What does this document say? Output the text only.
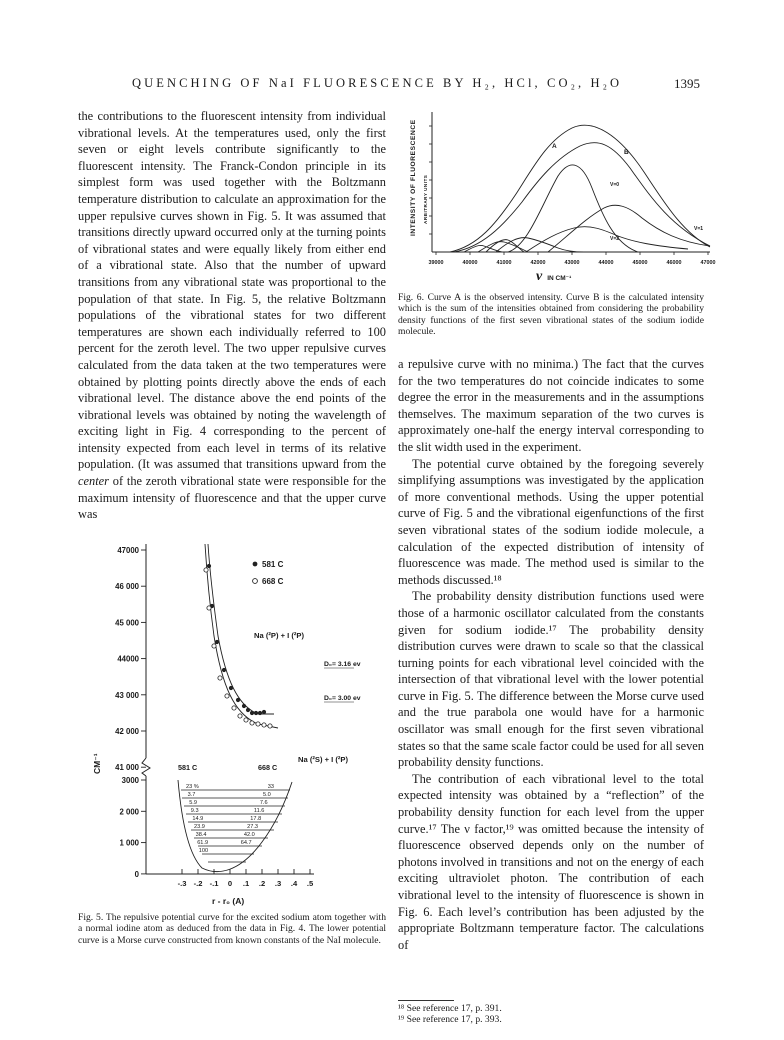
QUENCHING OF NaI FLUORESCENCE BY H₂, HCl, CO₂, H₂O	1395

the contributions to the fluorescent intensity from individual vibrational levels. At the temperatures used, only the first seven or eight levels contribute significantly to the fluorescent intensity. The Franck-Condon principle in its simplest form was used together with the Boltzmann temperature distribution to calculate an approximation for the upper repulsive curves shown in Fig. 5. It was assumed that transitions directly upward occurred only at the turning points of vibrational states and were equally likely from either end of a vibrational state. Also that the number of upward transitions from any vibrational state was proportional to the population of that state. In Fig. 5, the relative Boltzmann populations of the vibrational states for two different temperatures are shown each individually referred to 100 percent for the zeroth level. The two upper repulsive curves calculated from the data taken at the two temperatures were obtained by plotting points directly above the ends of each vibrational level. The distance above the end points of the vibrational levels was obtained by noting the wavelength of exciting light in Fig. 4 corresponding to the percent of intensity expected from each level in terms of its relative population. (It was assumed that transitions upward from the center of the zeroth vibrational state were responsible for the maximum intensity of fluorescence and that the upper curve was

INTENSITY OF FLUORESCENCE ARBITRARY UNITS
39000	40000	41000	42000	43000	44000	45000	46000	47000
A
B
V=0
V=1
V=2
νIN CM⁻¹
Fig. 6. Curve A is the observed intensity. Curve B is the calculated intensity which is the sum of the intensities obtained from considering the probability density functions of the first seven vibrational states of the sodium iodide molecule.

a repulsive curve with no minima.) The fact that the curves for the two temperatures do not coincide indicates to some degree the error in the measurements and in the assumptions themselves. The maximum separation of the two curves is approximately one-half the energy interval corresponding to the slit width used in the experiment.

The potential curve obtained by the foregoing severely simplifying assumptions was investigated by the application of more conventional methods. Using the upper potential curve of Fig. 5 and the vibrational eigenfunctions of the first seven vibrational states of the sodium iodide molecule, a calculation of the expected distribution of intensity of fluorescence was made. The method used is similar to the methods discussed.¹⁸

The probability density distribution functions used were those of a harmonic oscillator calculated from the constants given for sodium iodide.¹⁷ The probability density distribution curves were drawn to scale so that the classical turning points for each vibrational level coincided with the intersection of that vibrational level with the lower potential curve in Fig. 5. The difference between the Morse curve used and the true parabola one would have for a harmonic oscillator was small enough for the first seven vibrational states so that the same scale factor could be used for all seven probability density functions.

The contribution of each vibrational level to the total expected intensity was obtained by a “reflection” of the probability density function for each level from the upper curve.¹⁷ The ν factor,¹⁹ was omitted because the intensity of fluorescence observed depends only on the number of photons involved in transitions and not on the energy of each exciting ultraviolet photon. The contribution of each vibrational level to the intensity of fluorescence is shown in Fig. 6. Each level’s contribution has been adjusted by the appropriate Boltzmann temperature factor. The calculations of

47000
46 000
45 000
44000
43 000
42 000
41 000
3000
2 000
1 000
0
-.3 -.2 -.1 0 .1 .2 .3 .4 .5
CM⁻¹
r - r₀ (A)
581 C
668 C
Na (²P) + I (²P)
D₀= 3.16 ev
D₀= 3.00 ev
Na (²S) + I (²P)
581 C	668 C
23 %
3.7
5.9
9.3
14.9
23.9
38.4
61.9
100
33
5.0
7.6
11.6
17.8
27.3
42.0
64.7
Fig. 5. The repulsive potential curve for the excited sodium atom together with a normal iodine atom as deduced from the data in Fig. 4. The lower potential curve is a Morse curve constructed from known constants of the NaI molecule.
¹⁸ See reference 17, p. 391.
¹⁹ See reference 17, p. 393.
